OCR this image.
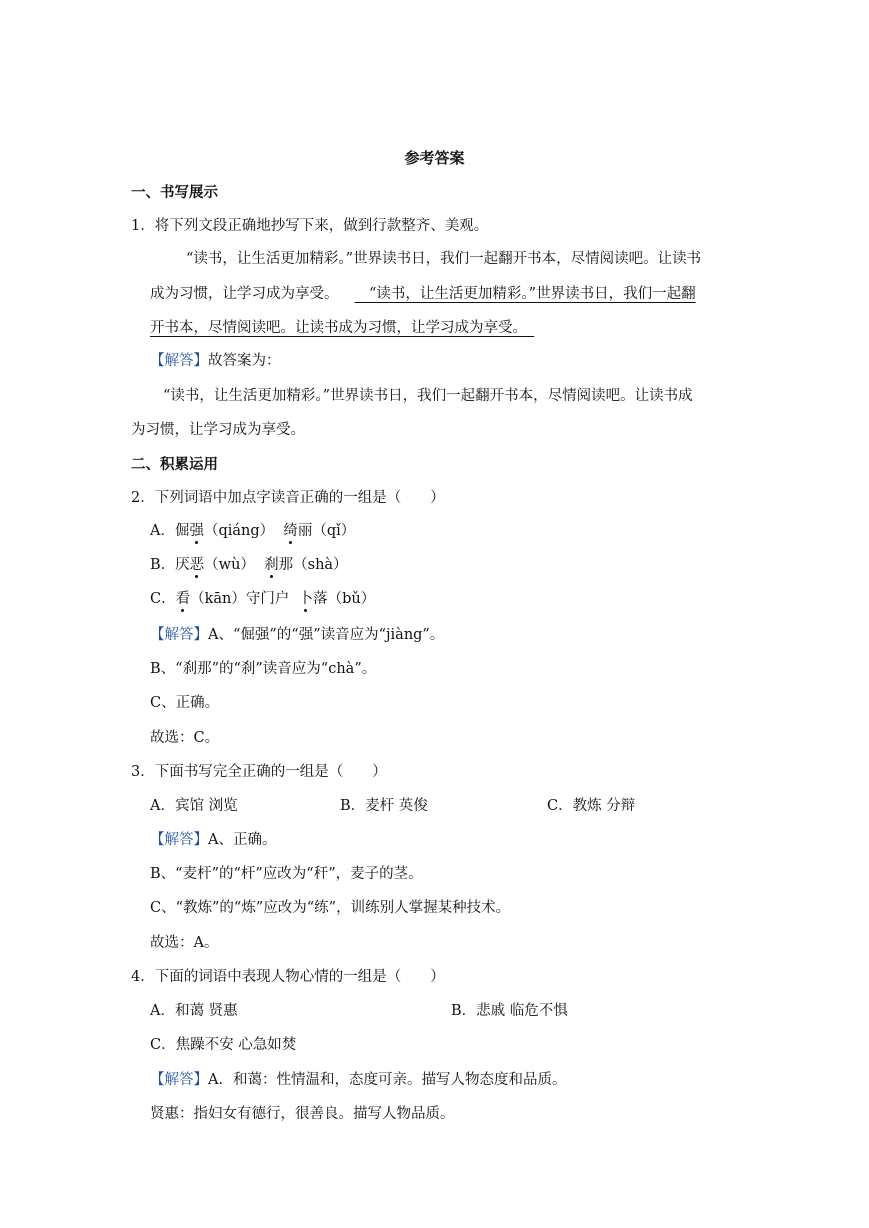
参考答案
一、书写展示
1．将下列文段正确地抄写下来，做到行款整齐、美观。
“读书，让生活更加精彩。”世界读书日，我们一起翻开书本，尽情阅读吧。让读书
成为习惯，让学习成为享受。　“读书，让生活更加精彩。”世界读书日，我们一起翻
开书本，尽情阅读吧。让读书成为习惯，让学习成为享受。　
【解答】故答案为：
“读书，让生活更加精彩。”世界读书日，我们一起翻开书本，尽情阅读吧。让读书成
为习惯，让学习成为享受。
二、积累运用
2．下列词语中加点字读音正确的一组是（　　）
A．倔强（qiáng）  绮丽（qǐ）
B．厌恶（wù）  刹那（shà）
C．看（kān）守门户  卜落（bǔ）
【解答】A、“倔强”的“强”读音应为“jiàng”。
B、“刹那”的“刹”读音应为“chà”。
C、正确。
故选：C。
3．下面书写完全正确的一组是（　　）
A．宾馆 浏览	B．麦杆 英俊	C．教炼 分辩
【解答】A、正确。
B、“麦杆”的“杆”应改为“秆”，麦子的茎。
C、“教炼”的“炼”应改为“练”，训练别人掌握某种技术。
故选：A。
4．下面的词语中表现人物心情的一组是（　　）
A．和蔼 贤惠	B．悲戚 临危不惧
C．焦躁不安 心急如焚
【解答】A．和蔼：性情温和，态度可亲。描写人物态度和品质。
贤惠：指妇女有德行，很善良。描写人物品质。
